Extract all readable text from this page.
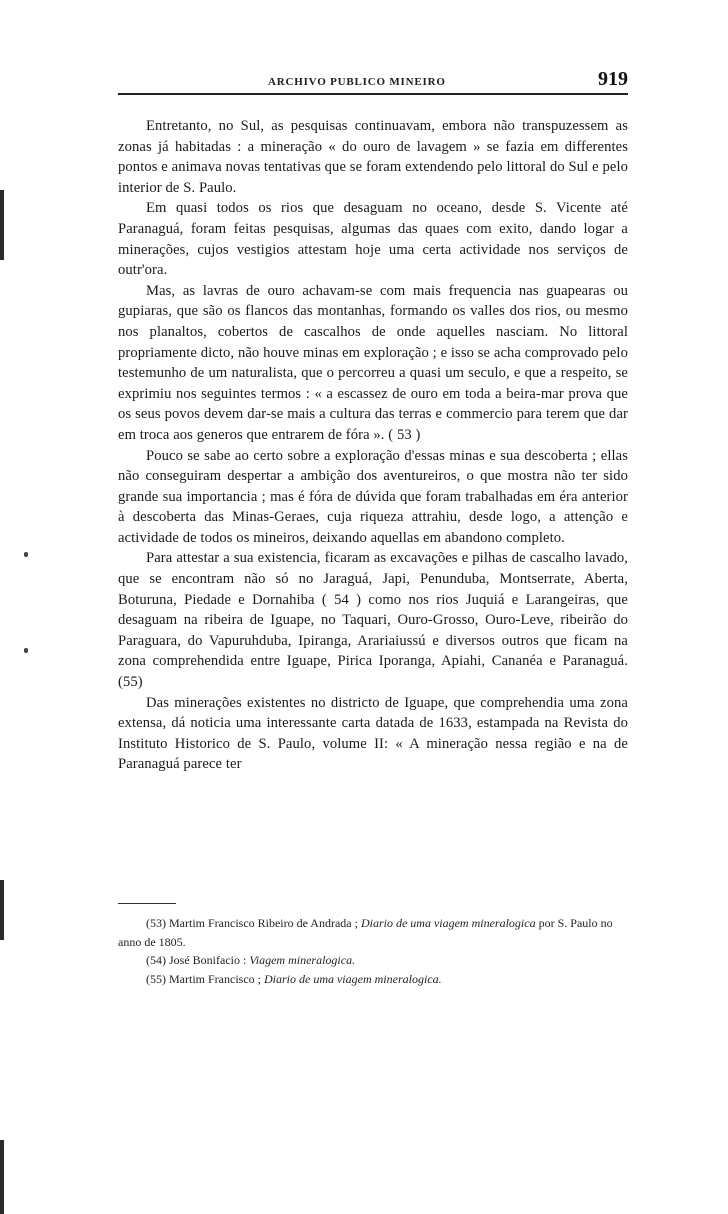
ARCHIVO PUBLICO MINEIRO	919

Entretanto, no Sul, as pesquisas continuavam, embora não transpuzessem as zonas já habitadas : a mineração « do ouro de lavagem » se fazia em differentes pontos e animava novas tentativas que se foram extendendo pelo littoral do Sul e pelo interior de S. Paulo.

Em quasi todos os rios que desaguam no oceano, desde S. Vicente até Paranaguá, foram feitas pesquisas, algumas das quaes com exito, dando logar a minerações, cujos vestigios attestam hoje uma certa actividade nos serviços de outr'ora.

Mas, as lavras de ouro achavam-se com mais frequencia nas guapearas ou gupiaras, que são os flancos das montanhas, formando os valles dos rios, ou mesmo nos planaltos, cobertos de cascalhos de onde aquelles nasciam. No littoral propriamente dicto, não houve minas em exploração ; e isso se acha comprovado pelo testemunho de um naturalista, que o percorreu a quasi um seculo, e que a respeito, se exprimiu nos seguintes termos : « a escassez de ouro em toda a beira-mar prova que os seus povos devem dar-se mais a cultura das terras e commercio para terem que dar em troca aos generos que entrarem de fóra ». ( 53 )

Pouco se sabe ao certo sobre a exploração d'essas minas e sua descoberta ; ellas não conseguiram despertar a ambição dos aventureiros, o que mostra não ter sido grande sua importancia ; mas é fóra de dúvida que foram trabalhadas em éra anterior à descoberta das Minas-Geraes, cuja riqueza attrahiu, desde logo, a attenção e actividade de todos os mineiros, deixando aquellas em abandono completo.

Para attestar a sua existencia, ficaram as excavações e pilhas de cascalho lavado, que se encontram não só no Jaraguá, Japi, Penunduba, Montserrate, Aberta, Boturuna, Piedade e Dornahiba ( 54 ) como nos rios Juquiá e Larangeiras, que desaguam na ribeira de Iguape, no Taquari, Ouro-Grosso, Ouro-Leve, ribeirão do Paraguara, do Vapuruhduba, Ipiranga, Arariaiussú e diversos outros que ficam na zona comprehendida entre Iguape, Pirica Iporanga, Apiahi, Cananéa e Paranaguá. (55)

Das minerações existentes no districto de Iguape, que comprehendia uma zona extensa, dá noticia uma interessante carta datada de 1633, estampada na Revista do Instituto Historico de S. Paulo, volume II: « A mineração nessa região e na de Paranaguá parece ter

(53) Martim Francisco Ribeiro de Andrada ; Diario de uma viagem mineralogica por S. Paulo no anno de 1805.

(54) José Bonifacio : Viagem mineralogica.

(55) Martim Francisco ; Diario de uma viagem mineralogica.
